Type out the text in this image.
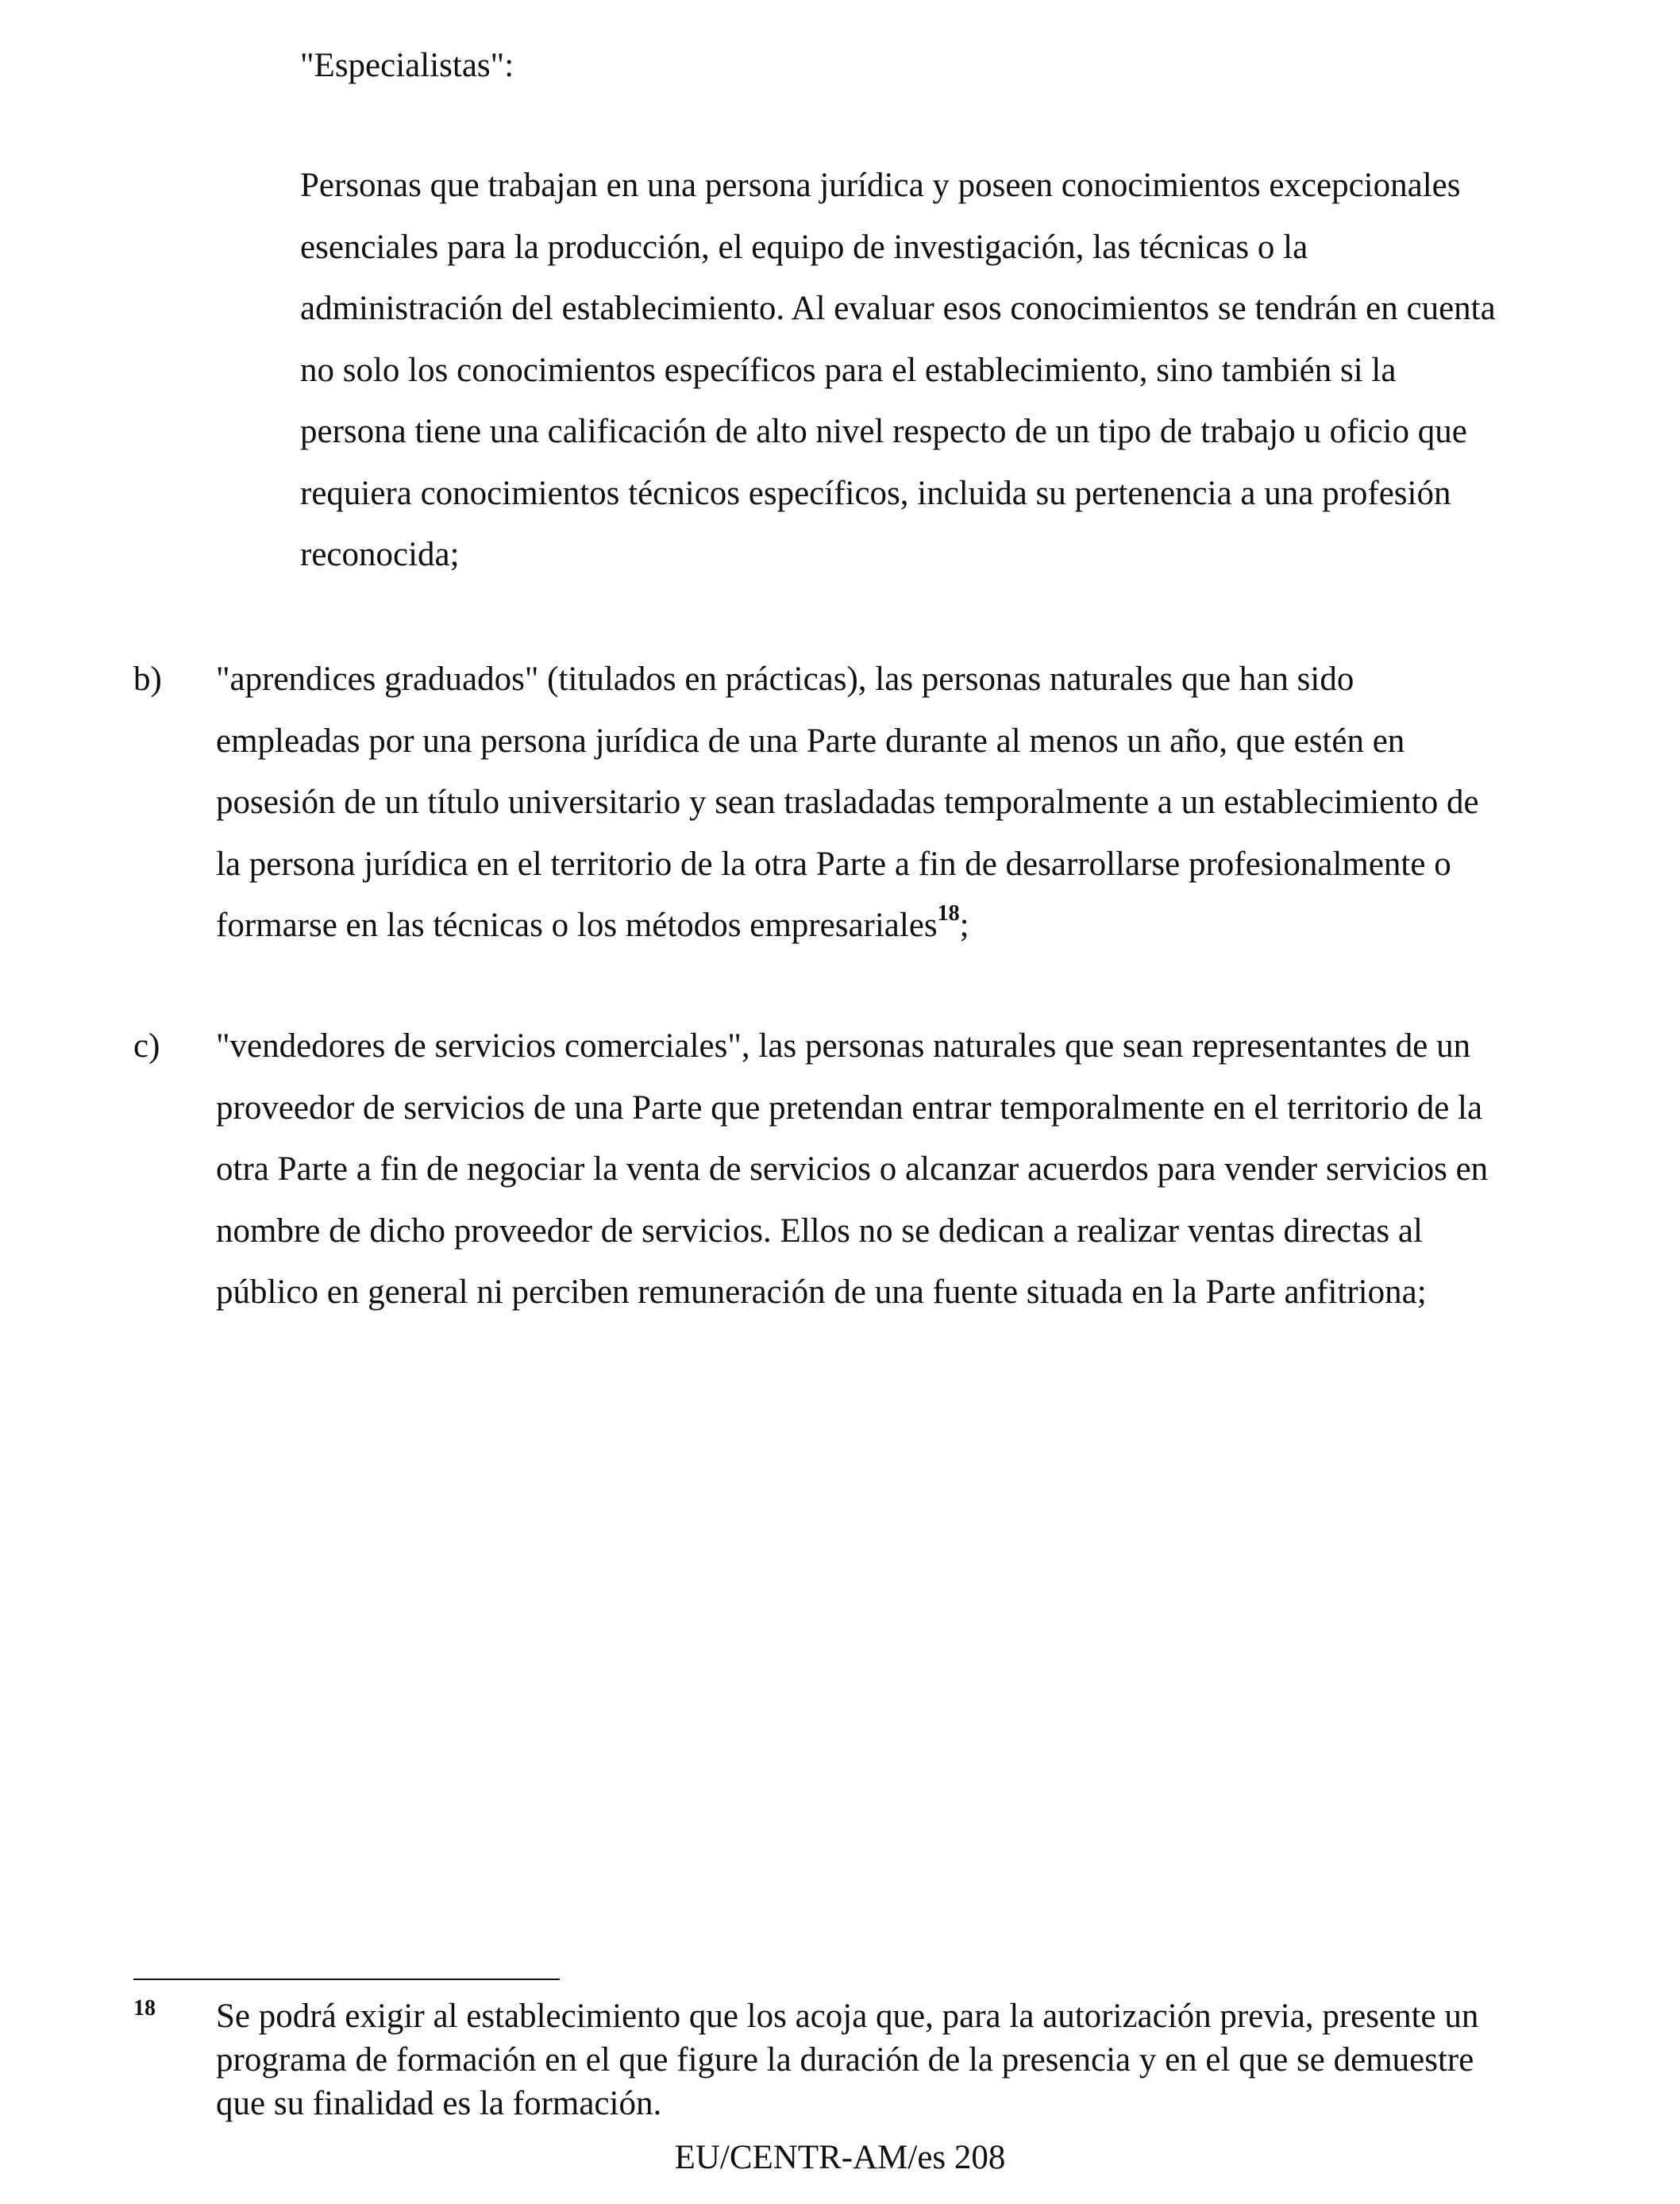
"Especialistas":
Personas que trabajan en una persona jurídica y poseen conocimientos excepcionales
esenciales para la producción, el equipo de investigación, las técnicas o la
administración del establecimiento. Al evaluar esos conocimientos se tendrán en cuenta
no solo los conocimientos específicos para el establecimiento, sino también si la
persona tiene una calificación de alto nivel respecto de un tipo de trabajo u oficio que
requiera conocimientos técnicos específicos, incluida su pertenencia a una profesión
reconocida;
b) "aprendices graduados" (titulados en prácticas), las personas naturales que han sido
empleadas por una persona jurídica de una Parte durante al menos un año, que estén en
posesión de un título universitario y sean trasladadas temporalmente a un establecimiento de
la persona jurídica en el territorio de la otra Parte a fin de desarrollarse profesionalmente o
formarse en las técnicas o los métodos empresariales$^{18}$;
c) "vendedores de servicios comerciales", las personas naturales que sean representantes de un
proveedor de servicios de una Parte que pretendan entrar temporalmente en el territorio de la
otra Parte a fin de negociar la venta de servicios o alcanzar acuerdos para vender servicios en
nombre de dicho proveedor de servicios. Ellos no se dedican a realizar ventas directas al
público en general ni perciben remuneración de una fuente situada en la Parte anfitriona;
18 Se podrá exigir al establecimiento que los acoja que, para la autorización previa, presente un
programa de formación en el que figure la duración de la presencia y en el que se demuestre
que su finalidad es la formación.
EU/CENTR-AM/es 208
